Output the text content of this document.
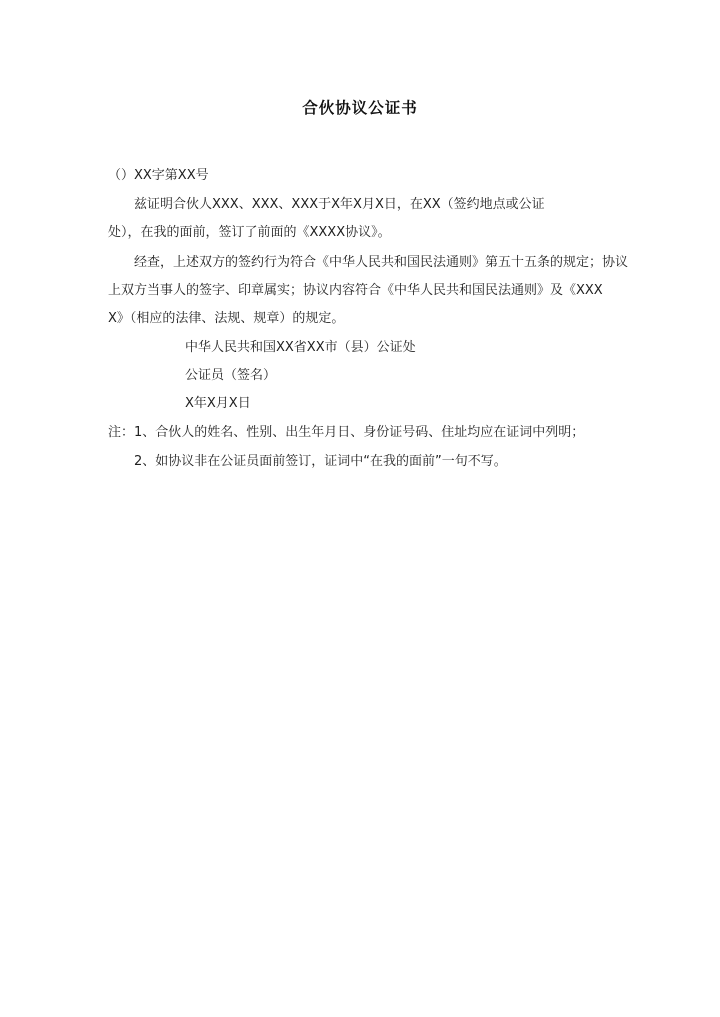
合伙协议公证书
（）XX字第XX号
兹证明合伙人XXX、XXX、XXX于X年X月X日，在XX（签约地点或公证
处），在我的面前，签订了前面的《XXXX协议》。
经查，上述双方的签约行为符合《中华人民共和国民法通则》第五十五条的规定；协议
上双方当事人的签字、印章属实；协议内容符合《中华人民共和国民法通则》及《XXX
X》（相应的法律、法规、规章）的规定。
中华人民共和国XX省XX市（县）公证处
公证员（签名）
X年X月X日
注：1、合伙人的姓名、性别、出生年月日、身份证号码、住址均应在证词中列明；
2、如协议非在公证员面前签订，证词中“在我的面前”一句不写。
